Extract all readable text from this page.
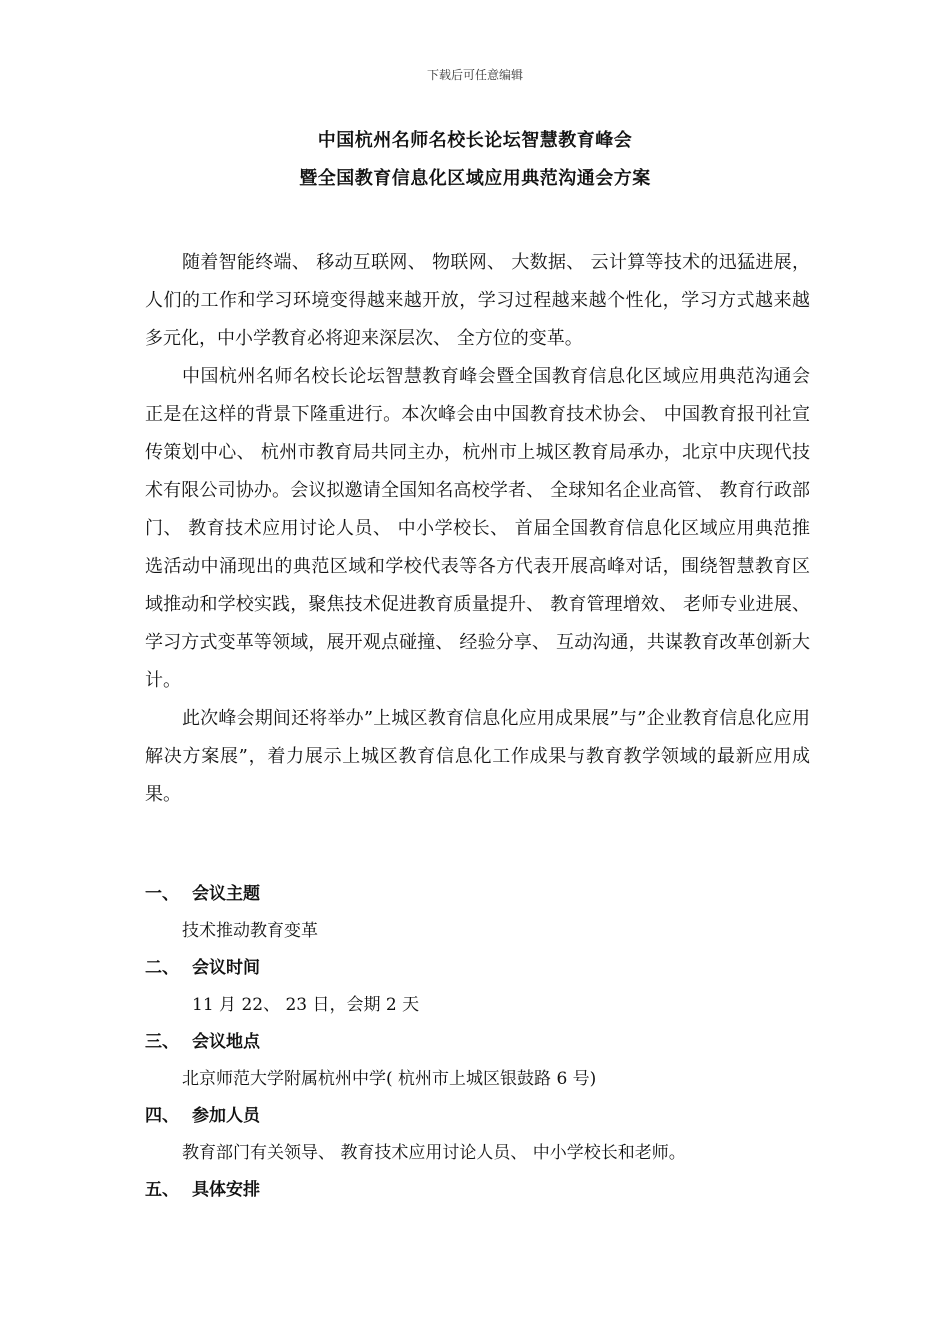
下载后可任意编辑
中国杭州名师名校长论坛智慧教育峰会
暨全国教育信息化区域应用典范沟通会方案

随着智能终端、 移动互联网、 物联网、 大数据、 云计算等技术的迅猛进展，人们的工作和学习环境变得越来越开放，学习过程越来越个性化，学习方式越来越多元化，中小学教育必将迎来深层次、 全方位的变革。

中国杭州名师名校长论坛智慧教育峰会暨全国教育信息化区域应用典范沟通会正是在这样的背景下隆重进行。本次峰会由中国教育技术协会、 中国教育报刊社宣传策划中心、 杭州市教育局共同主办，杭州市上城区教育局承办，北京中庆现代技术有限公司协办。会议拟邀请全国知名高校学者、 全球知名企业高管、 教育行政部门、 教育技术应用讨论人员、 中小学校长、 首届全国教育信息化区域应用典范推选活动中涌现出的典范区域和学校代表等各方代表开展高峰对话，围绕智慧教育区域推动和学校实践，聚焦技术促进教育质量提升、 教育管理增效、 老师专业进展、 学习方式变革等领域，展开观点碰撞、 经验分享、 互动沟通，共谋教育改革创新大计。

此次峰会期间还将举办”上城区教育信息化应用成果展”与”企业教育信息化应用解决方案展”，着力展示上城区教育信息化工作成果与教育教学领域的最新应用成果。

一、 会议主题
技术推动教育变革
二、 会议时间
11 月 22、 23 日，会期 2 天
三、 会议地点
北京师范大学附属杭州中学( 杭州市上城区银鼓路 6 号)
四、 参加人员
教育部门有关领导、 教育技术应用讨论人员、 中小学校长和老师。
五、 具体安排
